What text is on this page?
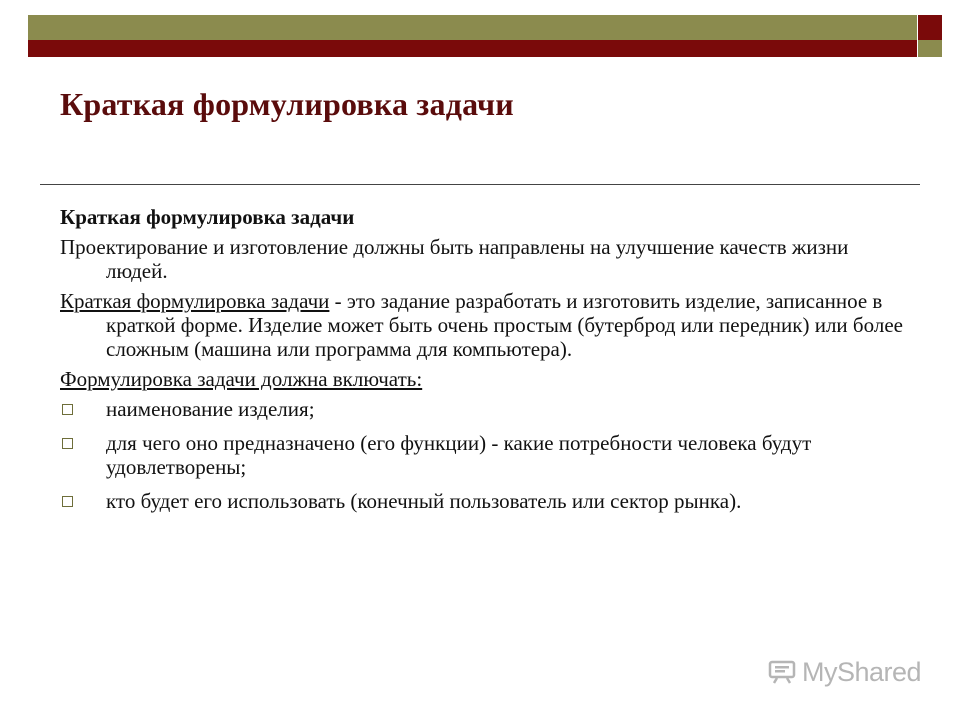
Краткая формулировка задачи

Краткая формулировка задачи

Проектирование и изготовление должны быть направлены на улучшение качеств жизни людей.

Краткая формулировка задачи - это задание разработать и изготовить изделие, записанное в краткой форме. Изделие может быть очень простым (бутерброд или передник) или более сложным (машина или программа для компьютера).

Формулировка задачи должна включать:

наименование изделия;
для чего оно предназначено (его функции) - какие потребности человека будут
удовлетворены;
кто будет его использовать (конечный пользователь или сектор рынка).
MyShared
